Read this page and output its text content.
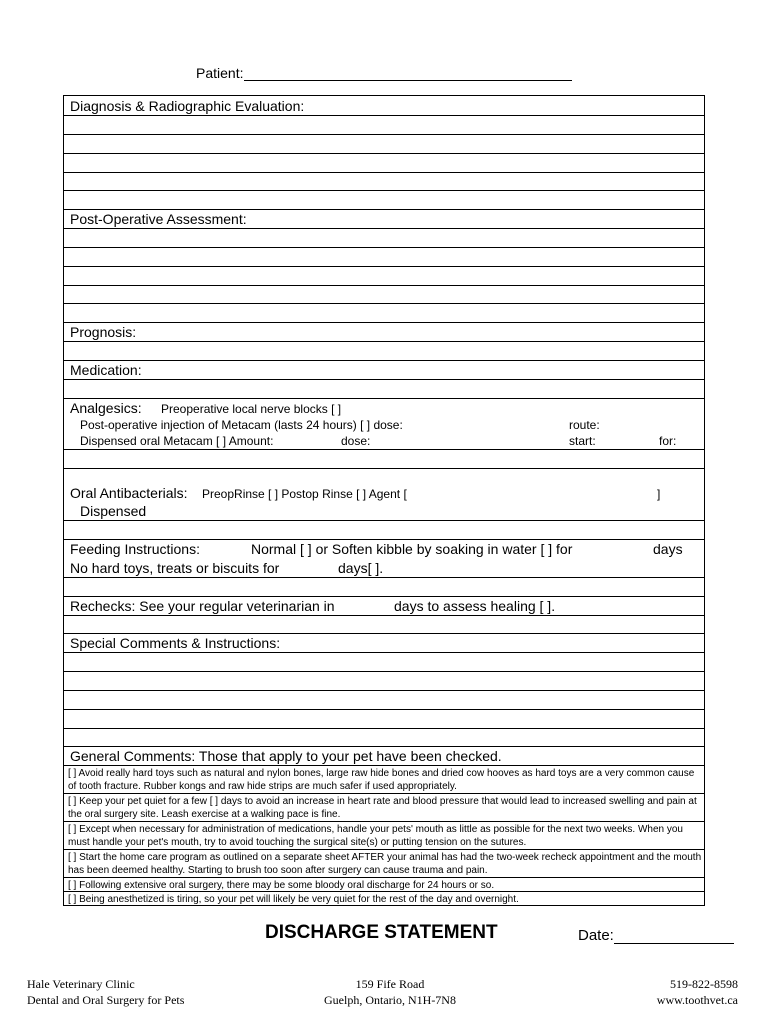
Patient:
Diagnosis & Radiographic Evaluation:
Post-Operative Assessment:
Prognosis:
Medication:
Analgesics: Preoperative local nerve blocks [ ]
Post-operative injection of Metacam (lasts 24 hours) [ ] dose:	route:
Dispensed oral Metacam [ ] Amount:	dose:	start:	for:
Oral Antibacterials: PreopRinse [ ] Postop Rinse [ ] Agent [	]
Dispensed
Feeding Instructions:	Normal [ ] or Soften kibble by soaking in water [ ] for	days
No hard toys, treats or biscuits for	days[ ].
Rechecks: See your regular veterinarian in	days to assess healing [ ].
Special Comments & Instructions:
General Comments: Those that apply to your pet have been checked.
[ ] Avoid really hard toys such as natural and nylon bones, large raw hide bones and dried cow hooves as hard toys are a very common cause of tooth fracture. Rubber kongs and raw hide strips are much safer if used appropriately.
[ ] Keep your pet quiet for a few [ ] days to avoid an increase in heart rate and blood pressure that would lead to increased swelling and pain at the oral surgery site. Leash exercise at a walking pace is fine.
[ ] Except when necessary for administration of medications, handle your pets' mouth as little as possible for the next two weeks. When you must handle your pet's mouth, try to avoid touching the surgical site(s) or putting tension on the sutures.
[ ] Start the home care program as outlined on a separate sheet AFTER your animal has had the two-week recheck appointment and the mouth has been deemed healthy. Starting to brush too soon after surgery can cause trauma and pain.
[ ] Following extensive oral surgery, there may be some bloody oral discharge for 24 hours or so.
[ ] Being anesthetized is tiring, so your pet will likely be very quiet for the rest of the day and overnight.
DISCHARGE STATEMENT	Date:
Hale Veterinary Clinic
Dental and Oral Surgery for Pets
159 Fife Road
Guelph, Ontario, N1H-7N8
519-822-8598
www.toothvet.ca
